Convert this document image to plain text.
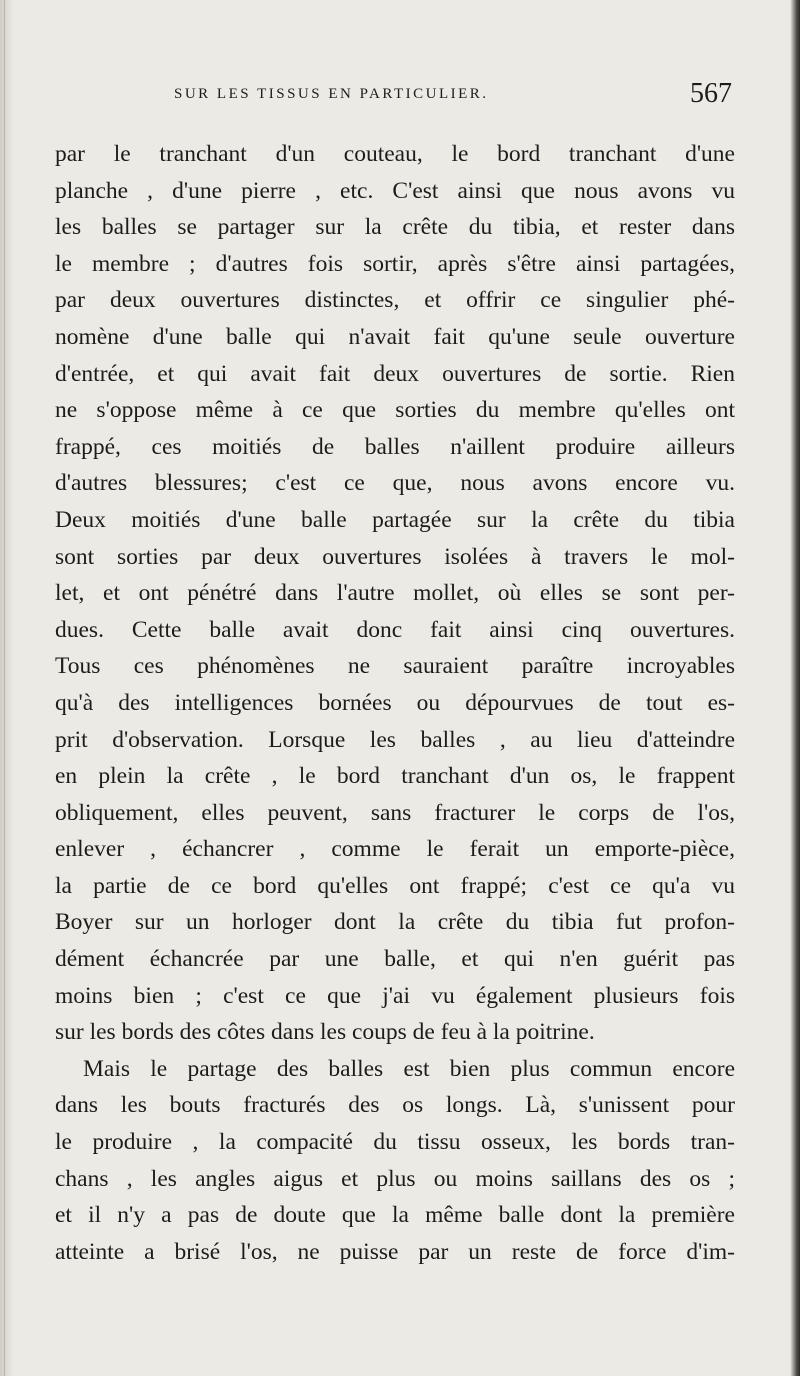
SUR LES TISSUS EN PARTICULIER.	567
par le tranchant d'un couteau, le bord tranchant d'une
planche , d'une pierre , etc. C'est ainsi que nous avons vu
les balles se partager sur la crête du tibia, et rester dans
le membre ; d'autres fois sortir, après s'être ainsi partagées,
par deux ouvertures distinctes, et offrir ce singulier phé-
nomène d'une balle qui n'avait fait qu'une seule ouverture
d'entrée, et qui avait fait deux ouvertures de sortie. Rien
ne s'oppose même à ce que sorties du membre qu'elles ont
frappé, ces moitiés de balles n'aillent produire ailleurs
d'autres blessures; c'est ce que, nous avons encore vu.
Deux moitiés d'une balle partagée sur la crête du tibia
sont sorties par deux ouvertures isolées à travers le mol-
let, et ont pénétré dans l'autre mollet, où elles se sont per-
dues. Cette balle avait donc fait ainsi cinq ouvertures.
Tous ces phénomènes ne sauraient paraître incroyables
qu'à des intelligences bornées ou dépourvues de tout es-
prit d'observation. Lorsque les balles , au lieu d'atteindre
en plein la crête , le bord tranchant d'un os, le frappent
obliquement, elles peuvent, sans fracturer le corps de l'os,
enlever , échancrer , comme le ferait un emporte-pièce,
la partie de ce bord qu'elles ont frappé; c'est ce qu'a vu
Boyer sur un horloger dont la crête du tibia fut profon-
dément échancrée par une balle, et qui n'en guérit pas
moins bien ; c'est ce que j'ai vu également plusieurs fois
sur les bords des côtes dans les coups de feu à la poitrine.
Mais le partage des balles est bien plus commun encore
dans les bouts fracturés des os longs. Là, s'unissent pour
le produire , la compacité du tissu osseux, les bords tran-
chans , les angles aigus et plus ou moins saillans des os ;
et il n'y a pas de doute que la même balle dont la première
atteinte a brisé l'os, ne puisse par un reste de force d'im-
